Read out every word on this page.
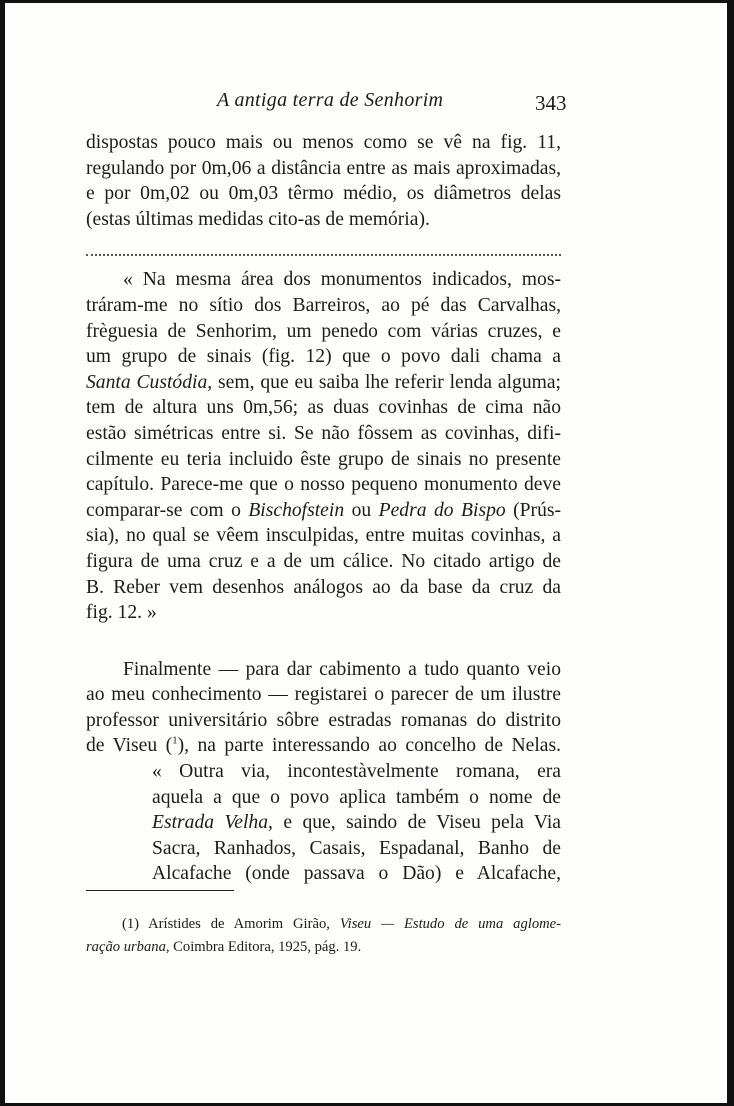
A antiga terra de Senhorim	343

dispostas pouco mais ou menos como se vê na fig. 11,
regulando por 0m,06 a distância entre as mais aproximadas,
e por 0m,02 ou 0m,03 têrmo médio, os diâmetros delas
(estas últimas medidas cito-as de memória).

« Na mesma área dos monumentos indicados, mos-
tráram-me no sítio dos Barreiros, ao pé das Carvalhas,
frèguesia de Senhorim, um penedo com várias cruzes, e
um grupo de sinais (fig. 12) que o povo dali chama a
Santa Custódia, sem, que eu saiba lhe referir lenda alguma;
tem de altura uns 0m,56; as duas covinhas de cima não
estão simétricas entre si. Se não fôssem as covinhas, difi-
cilmente eu teria incluido êste grupo de sinais no presente
capítulo. Parece-me que o nosso pequeno monumento deve
comparar-se com o Bischofstein ou Pedra do Bispo (Prús-
sia), no qual se vêem insculpidas, entre muitas covinhas, a
figura de uma cruz e a de um cálice. No citado artigo de
B. Reber vem desenhos análogos ao da base da cruz da
fig. 12. »

Finalmente — para dar cabimento a tudo quanto veio
ao meu conhecimento — registarei o parecer de um ilustre
professor universitário sôbre estradas romanas do distrito
de Viseu ($^1$), na parte interessando ao concelho de Nelas.

« Outra via, incontestàvelmente romana, era
aquela a que o povo aplica também o nome de
Estrada Velha, e que, saindo de Viseu pela Via
Sacra, Ranhados, Casais, Espadanal, Banho de
Alcafache (onde passava o Dão) e Alcafache,

(1) Arístides de Amorim Girão, Viseu — Estudo de uma aglome-

ração urbana, Coimbra Editora, 1925, pág. 19.
